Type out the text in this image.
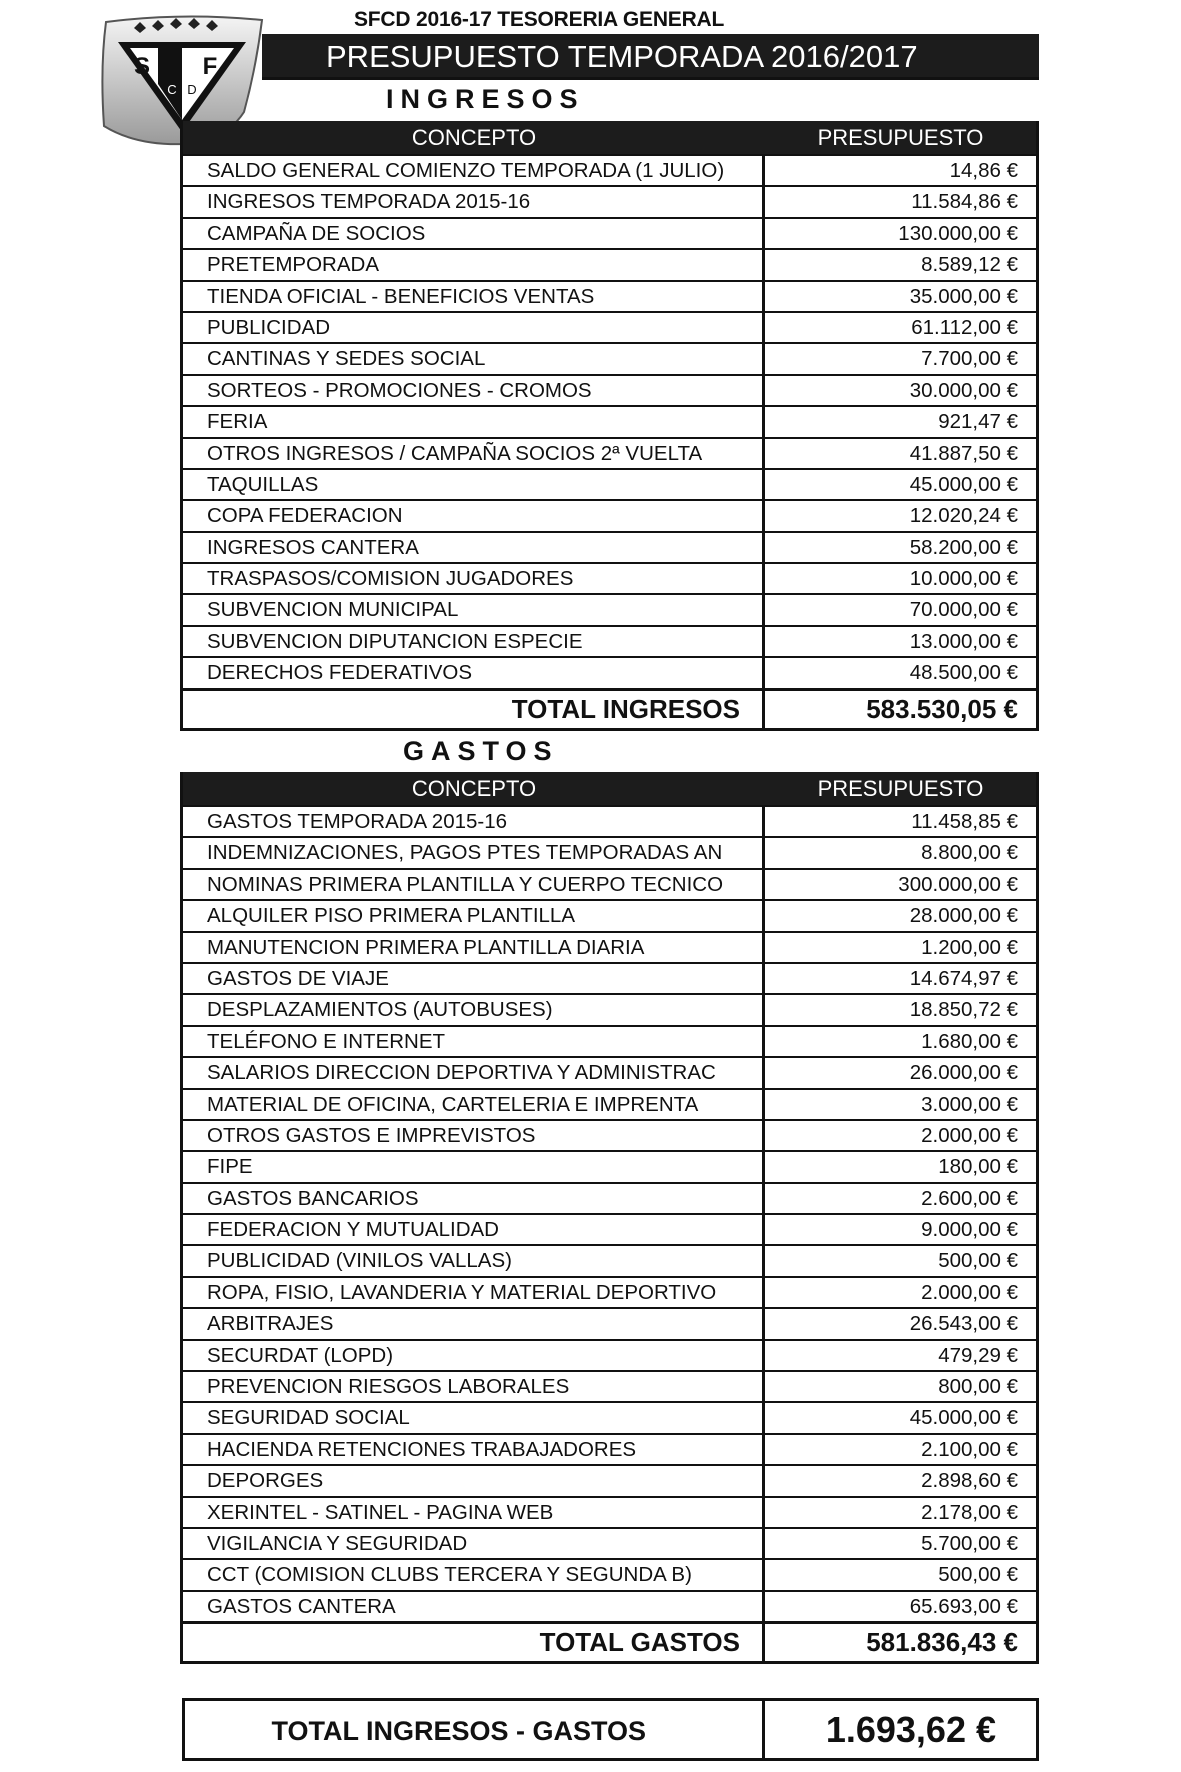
SFCD 2016-17 TESORERIA GENERAL
PRESUPUESTO TEMPORADA 2016/2017
S F
C D	INGRESOS
CONCEPTO	PRESUPUESTO
SALDO GENERAL COMIENZO TEMPORADA (1 JULIO)	14,86 €
INGRESOS TEMPORADA 2015-16	11.584,86 €
CAMPAÑA DE SOCIOS	130.000,00 €
PRETEMPORADA	8.589,12 €
TIENDA OFICIAL - BENEFICIOS VENTAS	35.000,00 €
PUBLICIDAD	61.112,00 €
CANTINAS Y SEDES SOCIAL	7.700,00 €
SORTEOS - PROMOCIONES - CROMOS	30.000,00 €
FERIA	921,47 €
OTROS INGRESOS / CAMPAÑA SOCIOS 2ª VUELTA	41.887,50 €
TAQUILLAS	45.000,00 €
COPA FEDERACION	12.020,24 €
INGRESOS CANTERA	58.200,00 €
TRASPASOS/COMISION JUGADORES	10.000,00 €
SUBVENCION MUNICIPAL	70.000,00 €
SUBVENCION DIPUTANCION ESPECIE	13.000,00 €
DERECHOS FEDERATIVOS	48.500,00 €
TOTAL INGRESOS	583.530,05 €
GASTOS
CONCEPTO	PRESUPUESTO
GASTOS TEMPORADA 2015-16	11.458,85 €
INDEMNIZACIONES, PAGOS PTES TEMPORADAS AN	8.800,00 €
NOMINAS PRIMERA PLANTILLA Y CUERPO TECNICO	300.000,00 €
ALQUILER PISO PRIMERA PLANTILLA	28.000,00 €
MANUTENCION PRIMERA PLANTILLA DIARIA	1.200,00 €
GASTOS DE VIAJE	14.674,97 €
DESPLAZAMIENTOS (AUTOBUSES)	18.850,72 €
TELÉFONO E INTERNET	1.680,00 €
SALARIOS DIRECCION DEPORTIVA Y ADMINISTRAC	26.000,00 €
MATERIAL DE OFICINA, CARTELERIA E IMPRENTA	3.000,00 €
OTROS GASTOS E IMPREVISTOS	2.000,00 €
FIPE	180,00 €
GASTOS BANCARIOS	2.600,00 €
FEDERACION Y MUTUALIDAD	9.000,00 €
PUBLICIDAD (VINILOS VALLAS)	500,00 €
ROPA, FISIO, LAVANDERIA Y MATERIAL DEPORTIVO	2.000,00 €
ARBITRAJES	26.543,00 €
SECURDAT (LOPD)	479,29 €
PREVENCION RIESGOS LABORALES	800,00 €
SEGURIDAD SOCIAL	45.000,00 €
HACIENDA RETENCIONES TRABAJADORES	2.100,00 €
DEPORGES	2.898,60 €
XERINTEL - SATINEL - PAGINA WEB	2.178,00 €
VIGILANCIA Y SEGURIDAD	5.700,00 €
CCT (COMISION CLUBS TERCERA Y SEGUNDA B)	500,00 €
GASTOS CANTERA	65.693,00 €
TOTAL GASTOS	581.836,43 €
TOTAL INGRESOS - GASTOS	1.693,62 €
